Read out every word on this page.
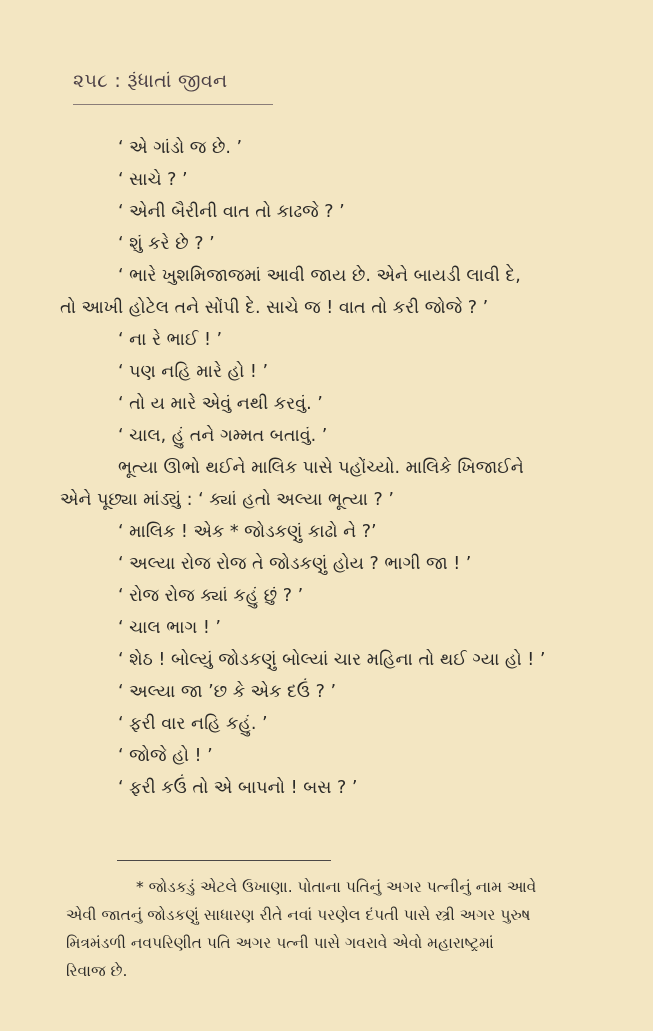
૨૫૮ : રૂંધાતાં જીવન
‘ એ ગાંડો જ છે. ’
‘ સાચે ? ’
‘ એની બૈરીની વાત તો કાઢજે ? ’
‘ શું કરે છે ? ’
‘ ભારે ખુશમિજાજમાં આવી જાય છે. એને બાયડી લાવી દે,
તો આખી હોટેલ તને સોંપી દે. સાચે જ ! વાત તો કરી જોજે ? ’
‘ ના રે ભાઈ ! ’
‘ પણ નહિ મારે હો ! ’
‘ તો ય મારે એવું નથી કરવું. ’
‘ ચાલ, હું તને ગમ્મત બતાવું. ’
ભૂત્યા ઊભો થઈને માલિક પાસે પહોંચ્યો. માલિકે ખિજાઈને
એને પૂછ્યા માંડ્યું : ‘ ક્યાં હતો અલ્યા ભૂત્યા ? ’
‘ માલિક ! એક * જોડકણું કાઢો ને ?’
‘ અલ્યા રોજ રોજ તે જોડકણું હોય ? ભાગી જા ! ’
‘ રોજ રોજ ક્યાં કહું છું ? ’
‘ ચાલ ભાગ ! ’
‘ શેઠ ! બોલ્યું જોડકણું બોલ્યાં ચાર મહિના તો થઈ ગ્યા હો ! ’
‘ અલ્યા જા ’છ કે એક દઉં ? ’
‘ ફરી વાર નહિ કહું. ’
‘ જોજે હો ! ’
‘ ફરી કઉં તો એ બાપનો ! બસ ? ’
* જોડકડું એટલે ઉખાણા. પોતાના પતિનું અગર પત્નીનું નામ આવે
એવી જાતનું જોડકણું સાધારણ રીતે નવાં પરણેલ દંપતી પાસે સ્ત્રી અગર પુરુષ
મિત્રમંડળી નવપરિણીત પતિ અગર પત્ની પાસે ગવરાવે એવો મહારાષ્ટ્રમાં
રિવાજ છે.
